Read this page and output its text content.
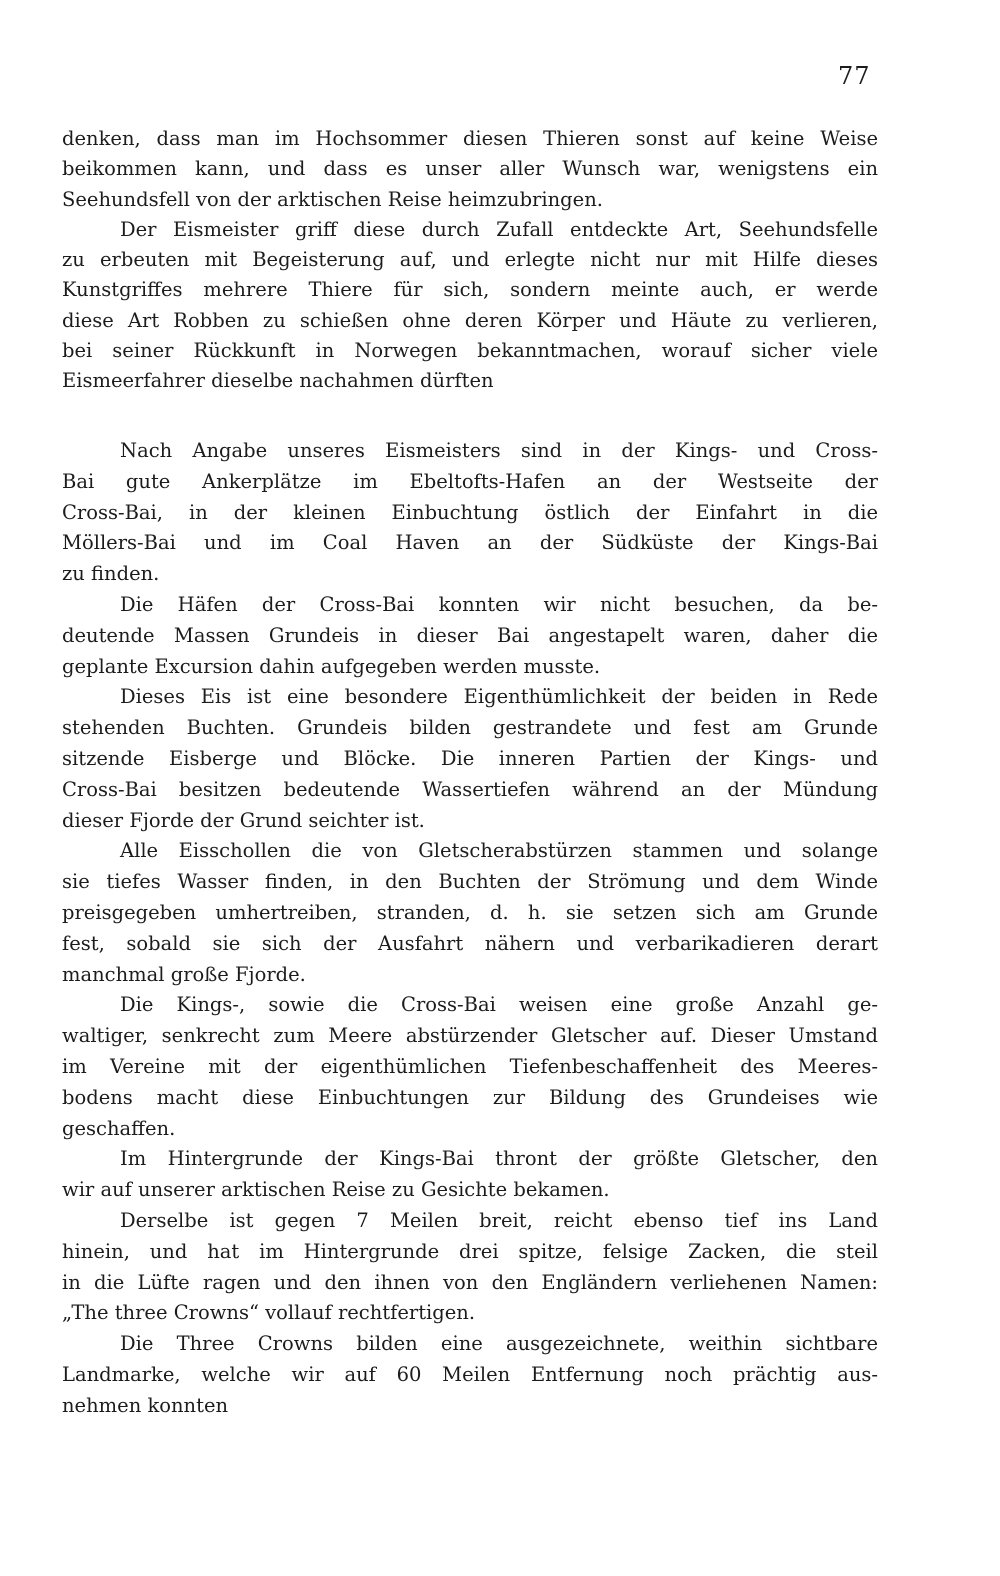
77
denken, dass man im Hochsommer diesen Thieren sonst auf keine Weise
beikommen kann, und dass es unser aller Wunsch war, wenigstens ein
Seehundsfell von der arktischen Reise heimzubringen.
Der Eismeister griff diese durch Zufall entdeckte Art, Seehundsfelle
zu erbeuten mit Begeisterung auf, und erlegte nicht nur mit Hilfe dieses
Kunstgriffes mehrere Thiere für sich, sondern meinte auch, er werde
diese Art Robben zu schießen ohne deren Körper und Häute zu verlieren,
bei seiner Rückkunft in Norwegen bekanntmachen, worauf sicher viele
Eismeerfahrer dieselbe nachahmen dürften
Nach Angabe unseres Eismeisters sind in der Kings- und Cross-
Bai gute Ankerplätze im Ebeltofts-Hafen an der Westseite der
Cross-Bai, in der kleinen Einbuchtung östlich der Einfahrt in die
Möllers-Bai und im Coal Haven an der Südküste der Kings-Bai
zu finden.
Die Häfen der Cross-Bai konnten wir nicht besuchen, da be-
deutende Massen Grundeis in dieser Bai angestapelt waren, daher die
geplante Excursion dahin aufgegeben werden musste.
Dieses Eis ist eine besondere Eigenthümlichkeit der beiden in Rede
stehenden Buchten. Grundeis bilden gestrandete und fest am Grunde
sitzende Eisberge und Blöcke. Die inneren Partien der Kings- und
Cross-Bai besitzen bedeutende Wassertiefen während an der Mündung
dieser Fjorde der Grund seichter ist.
Alle Eisschollen die von Gletscherabstürzen stammen und solange
sie tiefes Wasser finden, in den Buchten der Strömung und dem Winde
preisgegeben umhertreiben, stranden, d. h. sie setzen sich am Grunde
fest, sobald sie sich der Ausfahrt nähern und verbarikadieren derart
manchmal große Fjorde.
Die Kings-, sowie die Cross-Bai weisen eine große Anzahl ge-
waltiger, senkrecht zum Meere abstürzender Gletscher auf. Dieser Umstand
im Vereine mit der eigenthümlichen Tiefenbeschaffenheit des Meeres-
bodens macht diese Einbuchtungen zur Bildung des Grundeises wie
geschaffen.
Im Hintergrunde der Kings-Bai thront der größte Gletscher, den
wir auf unserer arktischen Reise zu Gesichte bekamen.
Derselbe ist gegen 7 Meilen breit, reicht ebenso tief ins Land
hinein, und hat im Hintergrunde drei spitze, felsige Zacken, die steil
in die Lüfte ragen und den ihnen von den Engländern verliehenen Namen:
„The three Crowns“ vollauf rechtfertigen.
Die Three Crowns bilden eine ausgezeichnete, weithin sichtbare
Landmarke, welche wir auf 60 Meilen Entfernung noch prächtig aus-
nehmen konnten
